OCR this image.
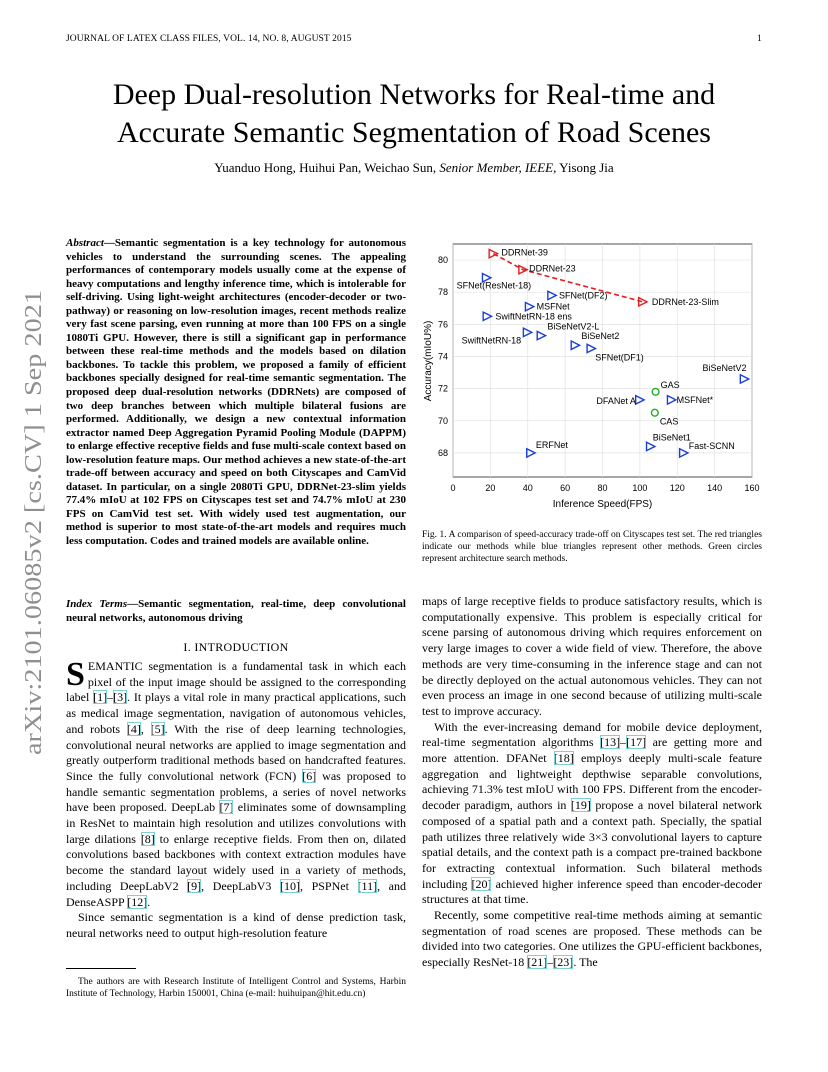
JOURNAL OF LATEX CLASS FILES, VOL. 14, NO. 8, AUGUST 2015	1
Deep Dual-resolution Networks for Real-time and
Accurate Semantic Segmentation of Road Scenes
Yuanduo Hong, Huihui Pan, Weichao Sun, Senior Member, IEEE, Yisong Jia
arXiv:2101.06085v2 [cs.CV] 1 Sep 2021
Abstract—Semantic segmentation is a key technology for autonomous vehicles to understand the surrounding scenes. The appealing performances of contemporary models usually come at the expense of heavy computations and lengthy inference time, which is intolerable for self-driving. Using light-weight architectures (encoder-decoder or two-pathway) or reasoning on low-resolution images, recent methods realize very fast scene parsing, even running at more than 100 FPS on a single 1080Ti GPU. However, there is still a significant gap in performance between these real-time methods and the models based on dilation backbones. To tackle this problem, we proposed a family of efficient backbones specially designed for real-time semantic segmentation. The proposed deep dual-resolution networks (DDRNets) are composed of two deep branches between which multiple bilateral fusions are performed. Additionally, we design a new contextual information extractor named Deep Aggregation Pyramid Pooling Module (DAPPM) to enlarge effective receptive fields and fuse multi-scale context based on low-resolution feature maps. Our method achieves a new state-of-the-art trade-off between accuracy and speed on both Cityscapes and CamVid dataset. In particular, on a single 2080Ti GPU, DDRNet-23-slim yields 77.4% mIoU at 102 FPS on Cityscapes test set and 74.7% mIoU at 230 FPS on CamVid test set. With widely used test augmentation, our method is superior to most state-of-the-art models and requires much less computation. Codes and trained models are available online.
Index Terms—Semantic segmentation, real-time, deep convolutional neural networks, autonomous driving
I. INTRODUCTION

SEMANTIC segmentation is a fundamental task in which each pixel of the input image should be assigned to the corresponding label [1]–[3]. It plays a vital role in many practical applications, such as medical image segmentation, navigation of autonomous vehicles, and robots [4], [5]. With the rise of deep learning technologies, convolutional neural networks are applied to image segmentation and greatly outperform traditional methods based on handcrafted features. Since the fully convolutional network (FCN) [6] was proposed to handle semantic segmentation problems, a series of novel networks have been proposed. DeepLab [7] eliminates some of downsampling in ResNet to maintain high resolution and utilizes convolutions with large dilations [8] to enlarge receptive fields. From then on, dilated convolutions based backbones with context extraction modules have become the standard layout widely used in a variety of methods, including DeepLabV2 [9], DeepLabV3 [10], PSPNet [11], and DenseASPP [12].

Since semantic segmentation is a kind of dense prediction task, neural networks need to output high-resolution feature

The authors are with Research Institute of Intelligent Control and Systems, Harbin Institute of Technology, Harbin 150001, China (e-mail: huihuipan@hit.edu.cn)
DDRNet-39
DDRNet-23
DDRNet-23-Slim
SFNet(ResNet-18)
SFNet(DF2)
MSFNet
SwiftNetRN-18 ens
BiSeNetV2-L
SwiftNetRN-18	BiSeNet2
SFNet(DF1)
BiSeNetV2
DFANet A	MSFNet*
ERFNet
BiSeNet1
Fast-SCNN
GAS
CAS
0	20	40	60	80	100 120 140 160
68
70
72
74
76
78
80
Inference Speed(FPS)
Accuracy(mIoU%)
Fig. 1. A comparison of speed-accuracy trade-off on Cityscapes test set. The red triangles indicate our methods while blue triangles represent other methods. Green circles represent architecture search methods.

maps of large receptive fields to produce satisfactory results, which is computationally expensive. This problem is especially critical for scene parsing of autonomous driving which requires enforcement on very large images to cover a wide field of view. Therefore, the above methods are very time-consuming in the inference stage and can not be directly deployed on the actual autonomous vehicles. They can not even process an image in one second because of utilizing multi-scale test to improve accuracy.

With the ever-increasing demand for mobile device deployment, real-time segmentation algorithms [13]–[17] are getting more and more attention. DFANet [18] employs deeply multi-scale feature aggregation and lightweight depthwise separable convolutions, achieving 71.3% test mIoU with 100 FPS. Different from the encoder-decoder paradigm, authors in [19] propose a novel bilateral network composed of a spatial path and a context path. Specially, the spatial path utilizes three relatively wide 3×3 convolutional layers to capture spatial details, and the context path is a compact pre-trained backbone for extracting contextual information. Such bilateral methods including [20] achieved higher inference speed than encoder-decoder structures at that time.

Recently, some competitive real-time methods aiming at semantic segmentation of road scenes are proposed. These methods can be divided into two categories. One utilizes the GPU-efficient backbones, especially ResNet-18 [21]–[23]. The
